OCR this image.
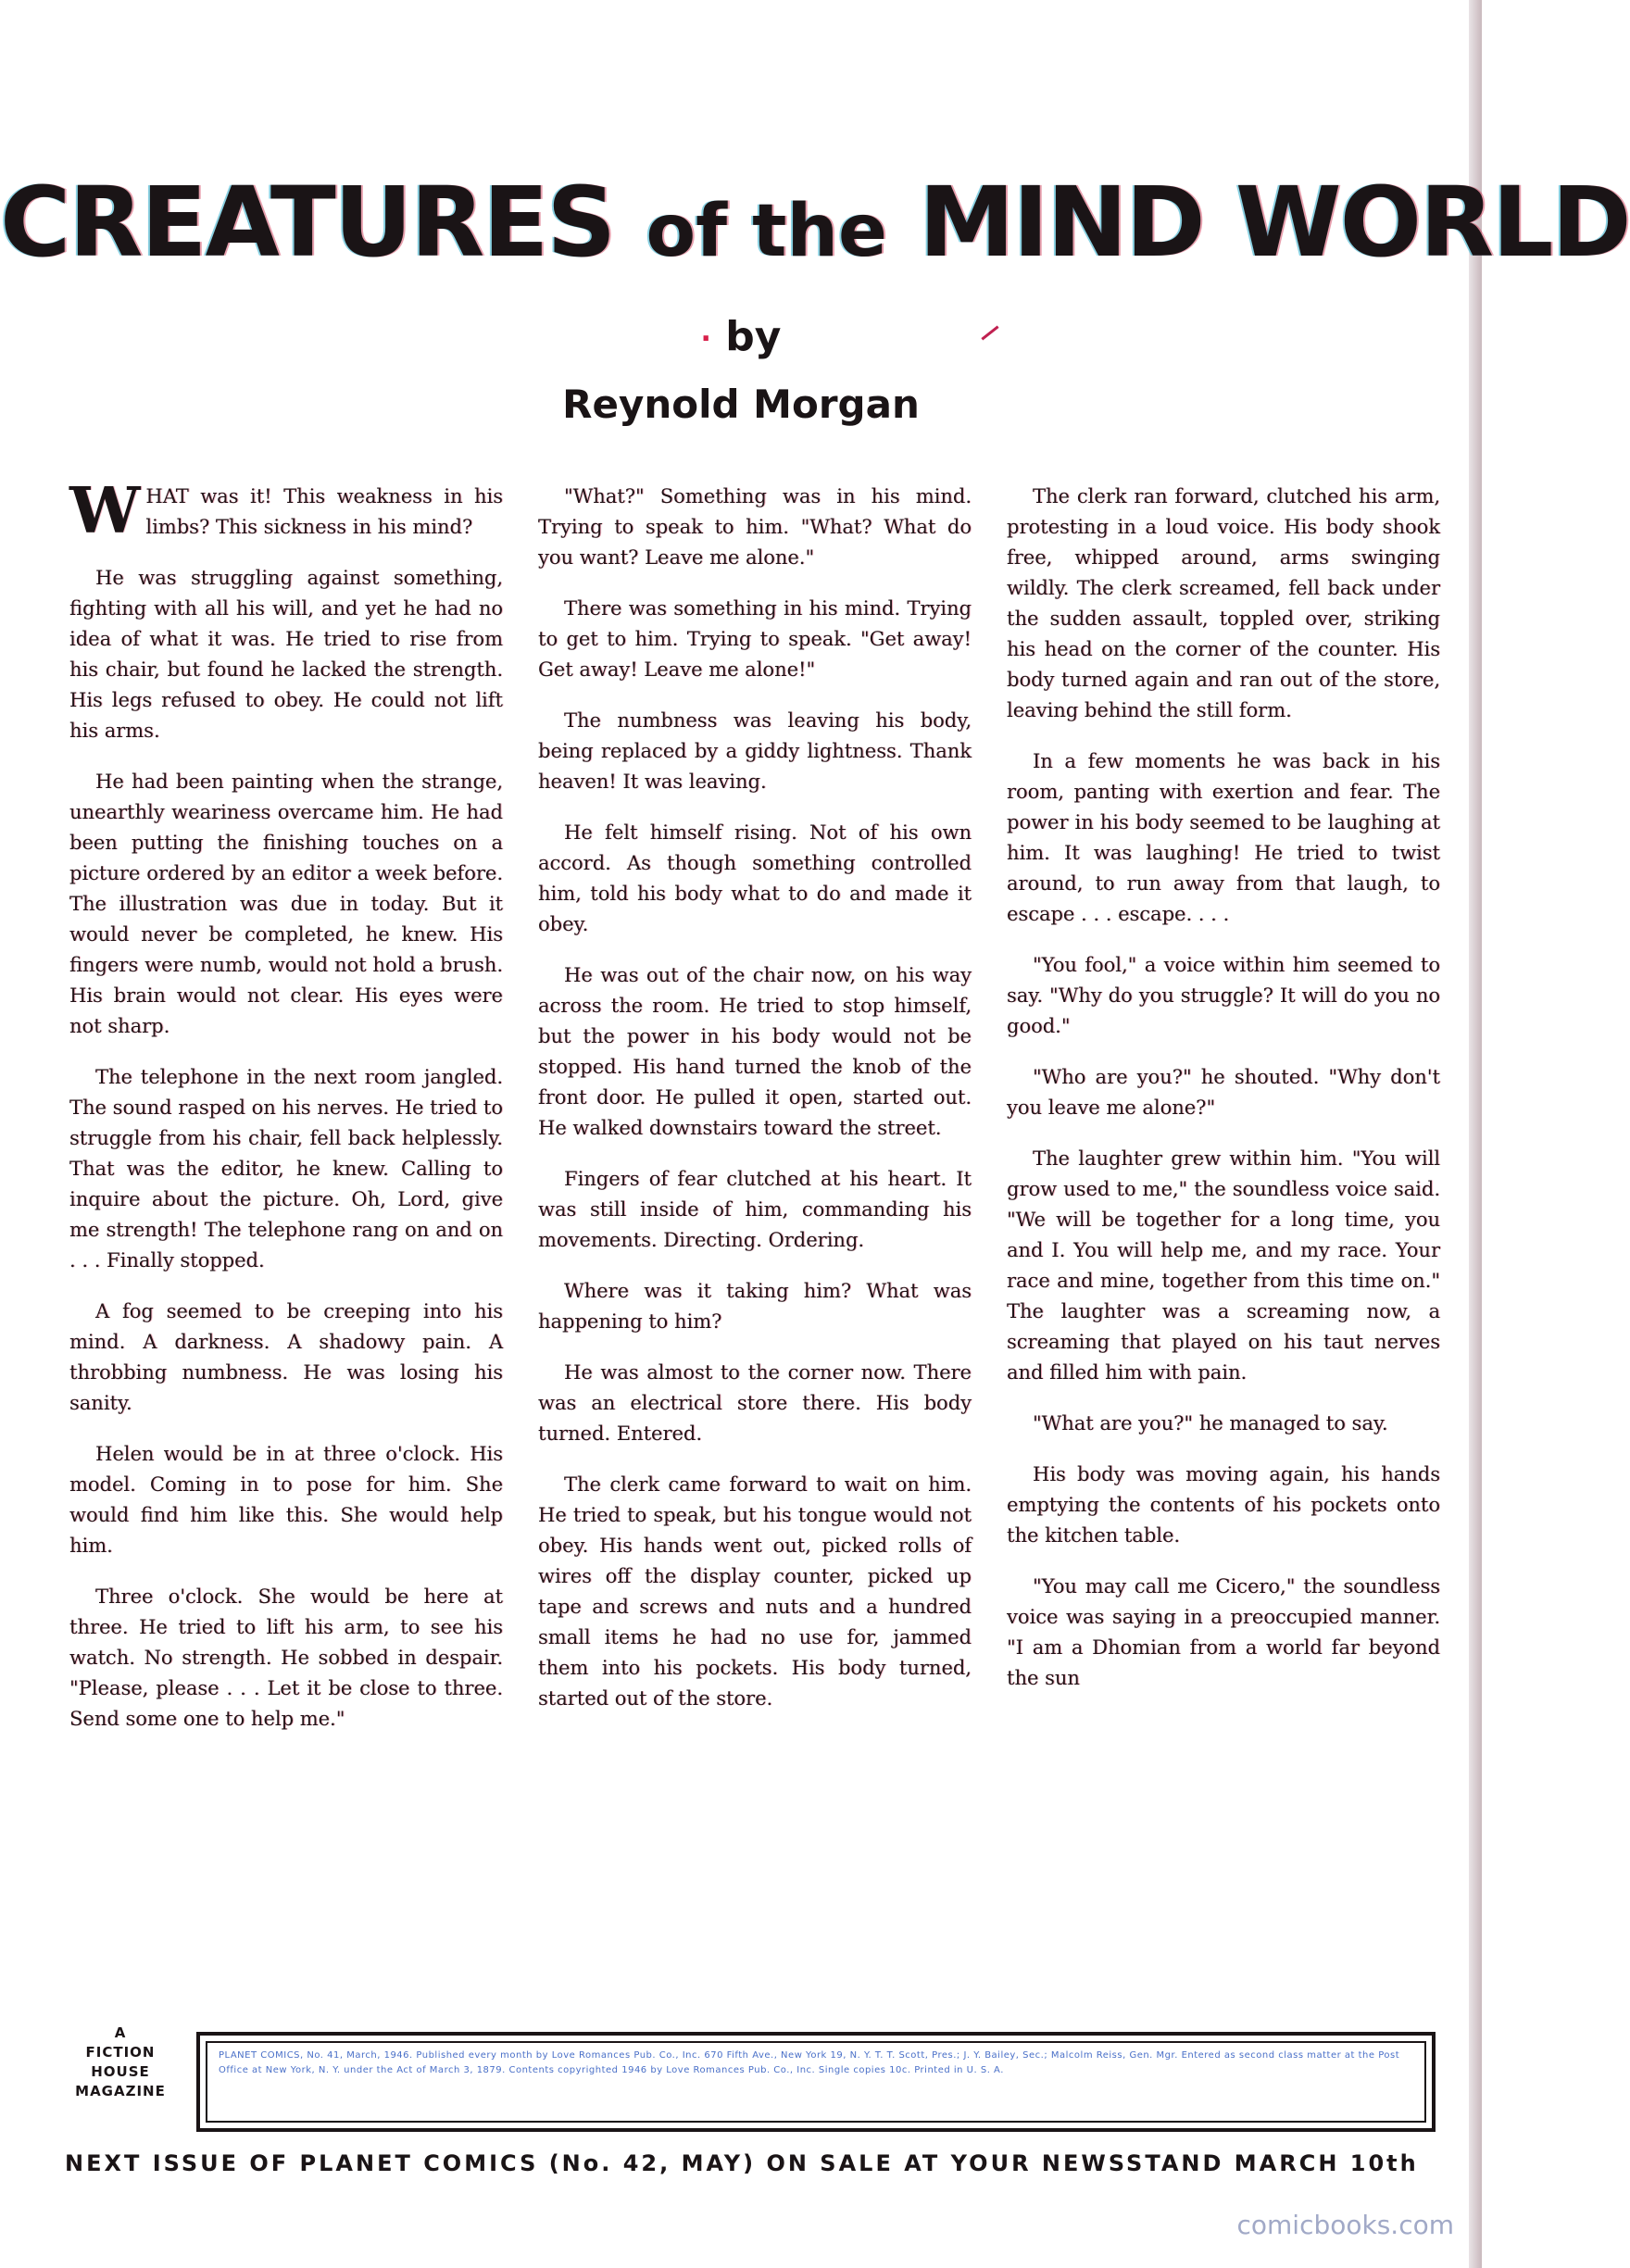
CREATURES of the MIND WORLD
· by
Reynold Morgan

WHAT was it! This weakness in his limbs? This sickness in his mind?

He was struggling against something, fighting with all his will, and yet he had no idea of what it was. He tried to rise from his chair, but found he lacked the strength. His legs refused to obey. He could not lift his arms.

He had been painting when the strange, unearthly weariness overcame him. He had been putting the finishing touches on a picture ordered by an editor a week before. The illustration was due in today. But it would never be completed, he knew. His fingers were numb, would not hold a brush. His brain would not clear. His eyes were not sharp.

The telephone in the next room jangled. The sound rasped on his nerves. He tried to struggle from his chair, fell back helplessly. That was the editor, he knew. Calling to inquire about the picture. Oh, Lord, give me strength! The telephone rang on and on . . . Finally stopped.

A fog seemed to be creeping into his mind. A darkness. A shadowy pain. A throbbing numbness. He was losing his sanity.

Helen would be in at three o'clock. His model. Coming in to pose for him. She would find him like this. She would help him.

Three o'clock. She would be here at three. He tried to lift his arm, to see his watch. No strength. He sobbed in despair. "Please, please . . . Let it be close to three. Send some one to help me."

"What?" Something was in his mind. Trying to speak to him. "What? What do you want? Leave me alone."

There was something in his mind. Trying to get to him. Trying to speak. "Get away! Get away! Leave me alone!"

The numbness was leaving his body, being replaced by a giddy lightness. Thank heaven! It was leaving.

He felt himself rising. Not of his own accord. As though something controlled him, told his body what to do and made it obey.

He was out of the chair now, on his way across the room. He tried to stop himself, but the power in his body would not be stopped. His hand turned the knob of the front door. He pulled it open, started out. He walked downstairs toward the street.

Fingers of fear clutched at his heart. It was still inside of him, commanding his movements. Directing. Ordering.

Where was it taking him? What was happening to him?

He was almost to the corner now. There was an electrical store there. His body turned. Entered.

The clerk came forward to wait on him. He tried to speak, but his tongue would not obey. His hands went out, picked rolls of wires off the display counter, picked up tape and screws and nuts and a hundred small items he had no use for, jammed them into his pockets. His body turned, started out of the store.

The clerk ran forward, clutched his arm, protesting in a loud voice. His body shook free, whipped around, arms swinging wildly. The clerk screamed, fell back under the sudden assault, toppled over, striking his head on the corner of the counter. His body turned again and ran out of the store, leaving behind the still form.

In a few moments he was back in his room, panting with exertion and fear. The power in his body seemed to be laughing at him. It was laughing! He tried to twist around, to run away from that laugh, to escape . . . escape. . . .

"You fool," a voice within him seemed to say. "Why do you struggle? It will do you no good."

"Who are you?" he shouted. "Why don't you leave me alone?"

The laughter grew within him. "You will grow used to me," the soundless voice said. "We will be together for a long time, you and I. You will help me, and my race. Your race and mine, together from this time on." The laughter was a screaming now, a screaming that played on his taut nerves and filled him with pain.

"What are you?" he managed to say.

His body was moving again, his hands emptying the contents of his pockets onto the kitchen table.

"You may call me Cicero," the soundless voice was saying in a preoccupied manner. "I am a Dhomian from a world far beyond the sun

A
FICTION
HOUSE
MAGAZINE
PLANET COMICS, No. 41, March, 1946. Published every month by Love Romances Pub. Co., Inc. 670 Fifth Ave., New York 19, N. Y. T. T. Scott, Pres.; J. Y. Bailey, Sec.; Malcolm Reiss, Gen. Mgr. Entered as second class matter at the Post Office at New York, N. Y. under the Act of March 3, 1879. Contents copyrighted 1946 by Love Romances Pub. Co., Inc. Single copies 10c. Printed in U. S. A.
NEXT ISSUE OF PLANET COMICS (No. 42, MAY) ON SALE AT YOUR NEWSSTAND MARCH 10th
comicbooks.com
